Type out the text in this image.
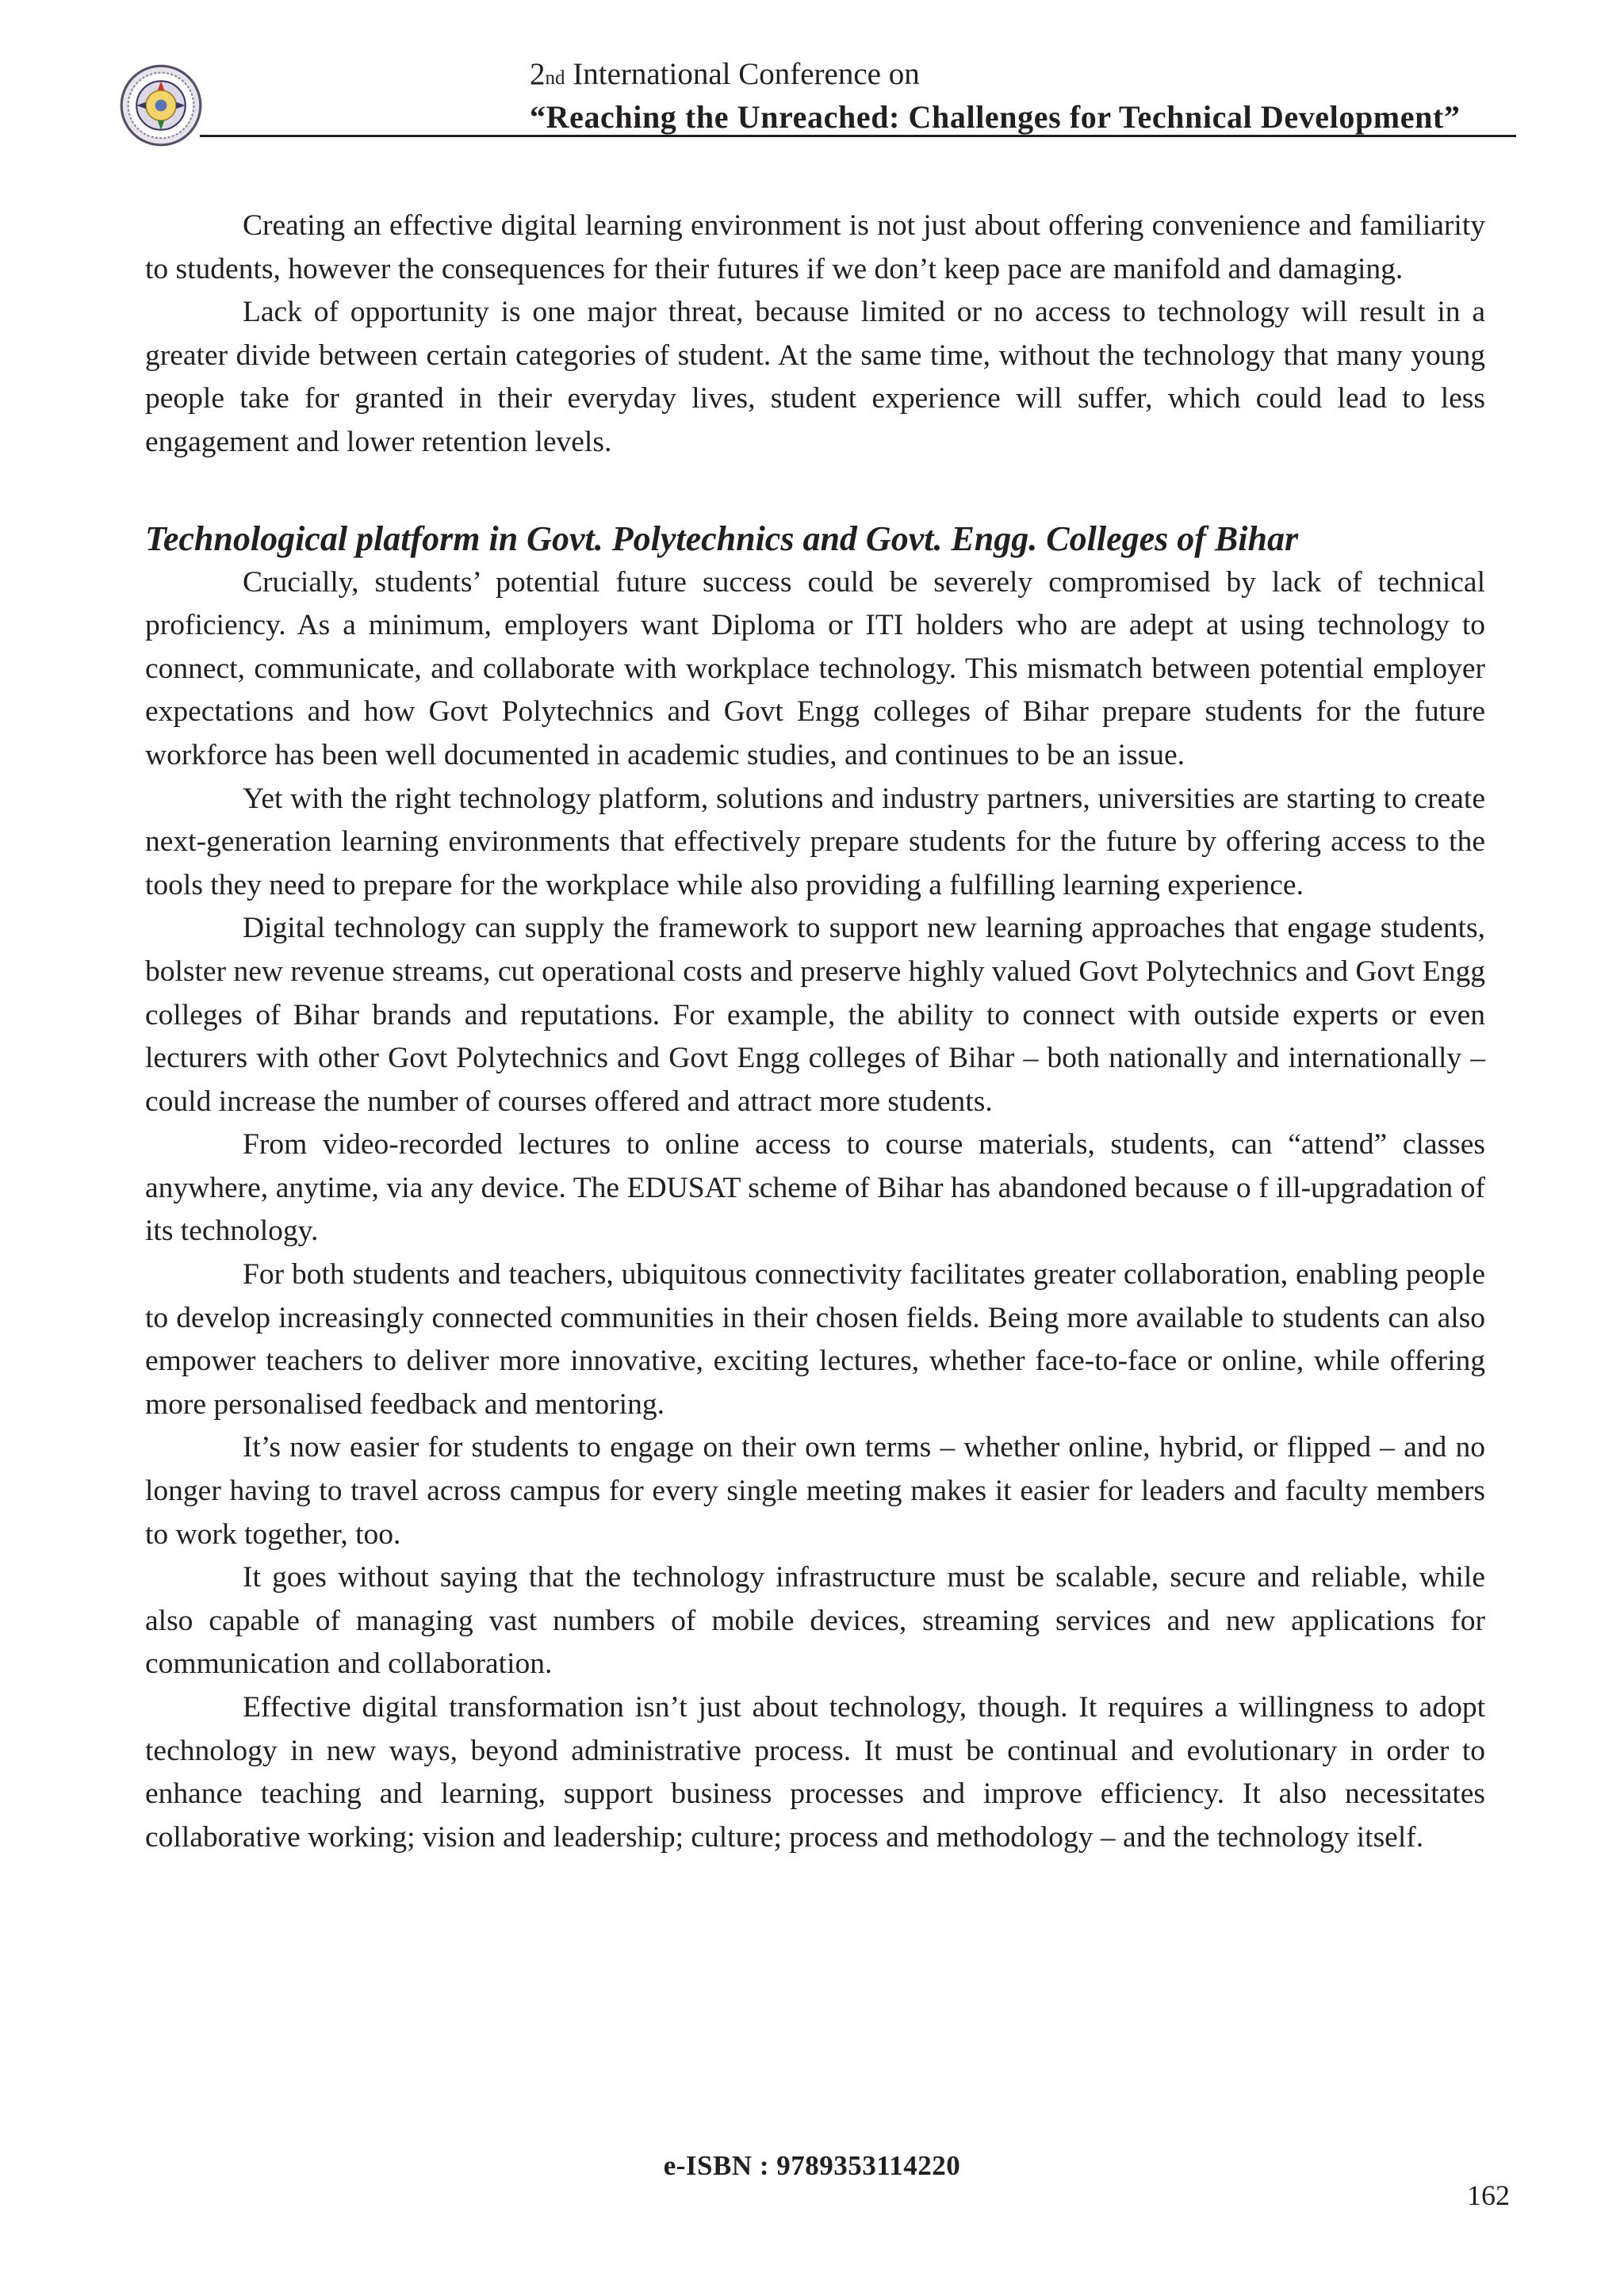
2nd International Conference on
“Reaching the Unreached: Challenges for Technical Development”

Creating an effective digital learning environment is not just about offering convenience and familiarity to students, however the consequences for their futures if we don’t keep pace are manifold and damaging.

Lack of opportunity is one major threat, because limited or no access to technology will result in a greater divide between certain categories of student. At the same time, without the technology that many young people take for granted in their everyday lives, student experience will suffer, which could lead to less engagement and lower retention levels.

Technological platform in Govt. Polytechnics and Govt. Engg. Colleges of Bihar

Crucially, students’ potential future success could be severely compromised by lack of technical proficiency. As a minimum, employers want Diploma or ITI holders who are adept at using technology to connect, communicate, and collaborate with workplace technology. This mismatch between potential employer expectations and how Govt Polytechnics and Govt Engg colleges of Bihar prepare students for the future workforce has been well documented in academic studies, and continues to be an issue.

Yet with the right technology platform, solutions and industry partners, universities are starting to create next-generation learning environments that effectively prepare students for the future by offering access to the tools they need to prepare for the workplace while also providing a fulfilling learning experience.

Digital technology can supply the framework to support new learning approaches that engage students, bolster new revenue streams, cut operational costs and preserve highly valued Govt Polytechnics and Govt Engg colleges of Bihar brands and reputations. For example, the ability to connect with outside experts or even lecturers with other Govt Polytechnics and Govt Engg colleges of Bihar – both nationally and internationally – could increase the number of courses offered and attract more students.

From video-recorded lectures to online access to course materials, students, can “attend” classes anywhere, anytime, via any device. The EDUSAT scheme of Bihar has abandoned because o f ill-upgradation of its technology.

For both students and teachers, ubiquitous connectivity facilitates greater collaboration, enabling people to develop increasingly connected communities in their chosen fields. Being more available to students can also empower teachers to deliver more innovative, exciting lectures, whether face-to-face or online, while offering more personalised feedback and mentoring.

It’s now easier for students to engage on their own terms – whether online, hybrid, or flipped – and no longer having to travel across campus for every single meeting makes it easier for leaders and faculty members to work together, too.

It goes without saying that the technology infrastructure must be scalable, secure and reliable, while also capable of managing vast numbers of mobile devices, streaming services and new applications for communication and collaboration.

Effective digital transformation isn’t just about technology, though. It requires a willingness to adopt technology in new ways, beyond administrative process. It must be continual and evolutionary in order to enhance teaching and learning, support business processes and improve efficiency. It also necessitates collaborative working; vision and leadership; culture; process and methodology – and the technology itself.

e-ISBN : 9789353114220
162
